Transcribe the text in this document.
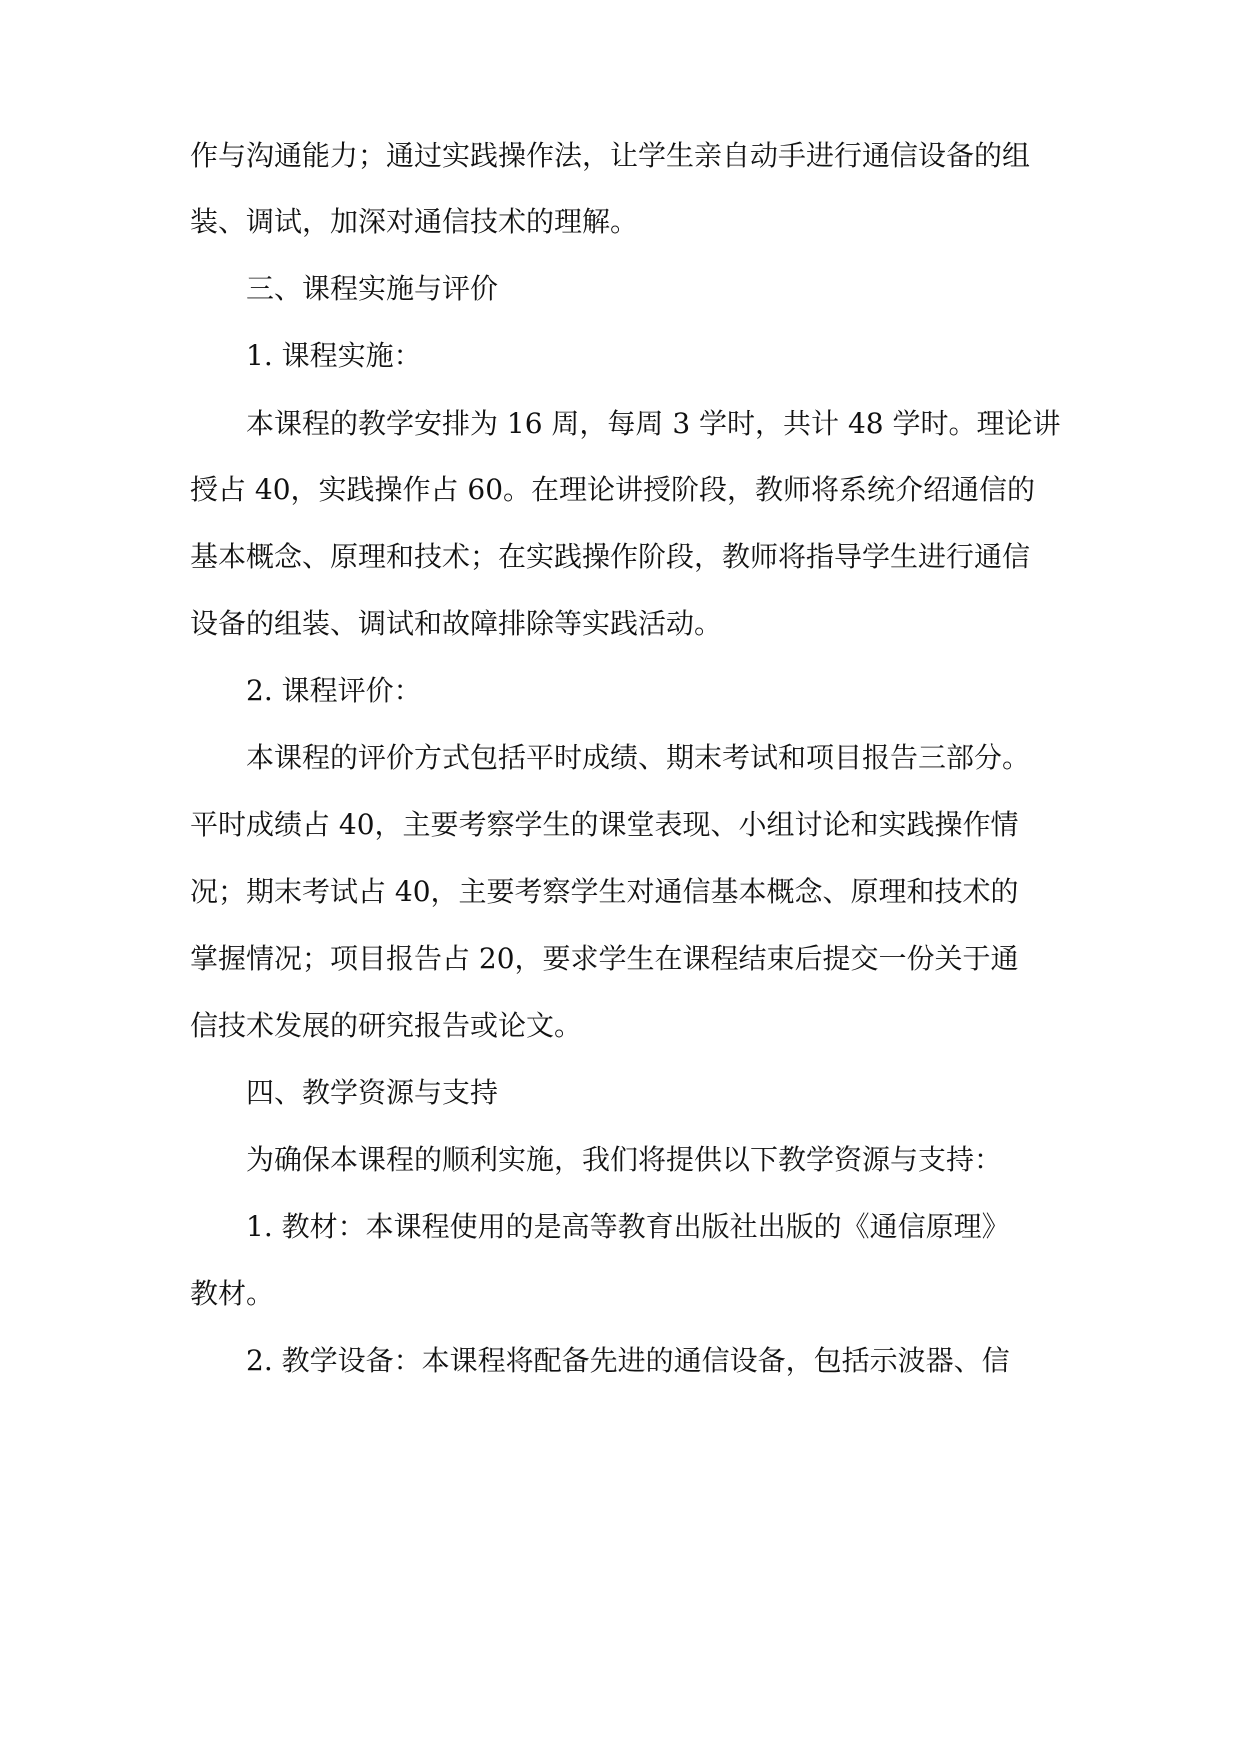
作与沟通能力；通过实践操作法，让学生亲自动手进行通信设备的组

装、调试，加深对通信技术的理解。

三、课程实施与评价

1. 课程实施：

本课程的教学安排为 16 周，每周 3 学时，共计 48 学时。理论讲

授占 40，实践操作占 60。在理论讲授阶段，教师将系统介绍通信的

基本概念、原理和技术；在实践操作阶段，教师将指导学生进行通信

设备的组装、调试和故障排除等实践活动。

2. 课程评价：

本课程的评价方式包括平时成绩、期末考试和项目报告三部分。

平时成绩占 40，主要考察学生的课堂表现、小组讨论和实践操作情

况；期末考试占 40，主要考察学生对通信基本概念、原理和技术的

掌握情况；项目报告占 20，要求学生在课程结束后提交一份关于通

信技术发展的研究报告或论文。

四、教学资源与支持

为确保本课程的顺利实施，我们将提供以下教学资源与支持：

1. 教材：本课程使用的是高等教育出版社出版的《通信原理》

教材。

2. 教学设备：本课程将配备先进的通信设备，包括示波器、信
